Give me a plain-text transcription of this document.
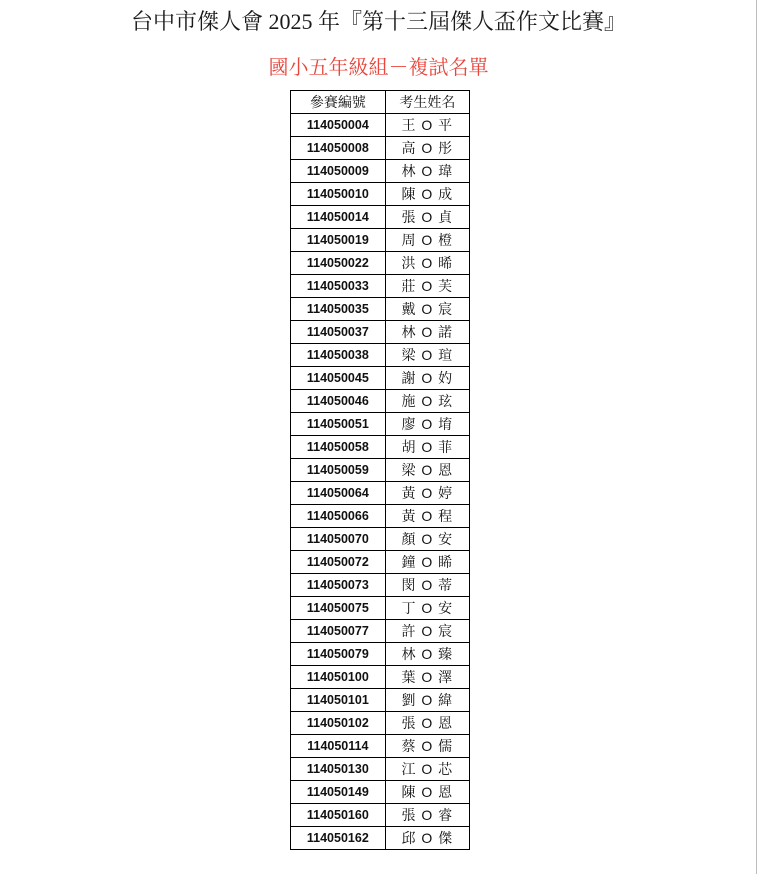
台中市傑人會 2025 年『第十三屆傑人盃作文比賽』
國小五年級組－複試名單
參賽編號	考生姓名
114050004	王 O 平
114050008	高 O 彤
114050009	林 O 瑋
114050010	陳 O 成
114050014	張 O 貞
114050019	周 O 橙
114050022	洪 O 晞
114050033	莊 O 芙
114050035	戴 O 宸
114050037	林 O 諾
114050038	梁 O 瑄
114050045	謝 O 妁
114050046	施 O 玹
114050051	廖 O 堉
114050058	胡 O 菲
114050059	梁 O 恩
114050064	黃 O 婷
114050066	黃 O 程
114050070	顏 O 安
114050072	鐘 O 睎
114050073	閔 O 蒂
114050075	丁 O 安
114050077	許 O 宸
114050079	林 O 臻
114050100	葉 O 澤
114050101	劉 O 緯
114050102	張 O 恩
114050114	蔡 O 儒
114050130	江 O 芯
114050149	陳 O 恩
114050160	張 O 睿
114050162	邱 O 傑
